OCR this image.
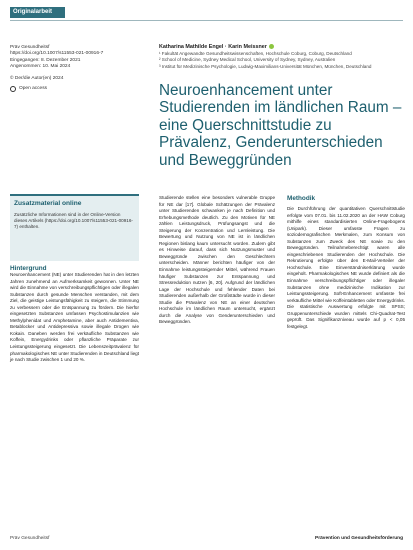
Originalarbeit
Präv Gesundheitsf
https://doi.org/10.1007/s11553-021-00916-7
Eingegangen: 8. Dezember 2021
Angenommen: 10. Mai 2024
© Der/die Autor(en) 2024
Open access
Katharina Mathilde Engel · Karin Meissner
¹ Fakultät Angewandte Gesundheitswissenschaften, Hochschule Coburg, Coburg, Deutschland
² School of Medicine, Sydney Medical School, University of Sydney, Sydney, Australien
³ Institut für Medizinische Psychologie, Ludwig-Maximilians-Universität München, München, Deutschland
Neuroenhancement unter Studierenden im ländlichen Raum – eine Querschnittstudie zu Prävalenz, Genderunterschieden und Beweggründen
Zusatzmaterial online
Zusätzliche Informationen sind in der Online-Version dieses Artikels (https://doi.org/10.1007/s11553-021-00916-7) enthalten.
Hintergrund
Neuroenhancement (NE) unter Studierenden hat in den letzten Jahren zunehmend an Aufmerksamkeit gewonnen. Unter NE wird die Einnahme von verschreibungspflichtigen oder illegalen Substanzen durch gesunde Menschen verstanden, mit dem Ziel, die geistige Leistungsfähigkeit zu steigern, die Stimmung zu verbessern oder die Entspannung zu fördern. Die hierfür eingesetzten Substanzen umfassen Psychostimulanzien wie Methylphenidat und Amphetamine, aber auch Antidementiva, Betablocker und Antidepressiva sowie illegale Drogen wie Kokain. Daneben werden frei verkäufliche Substanzen wie Koffein, Energydrinks oder pflanzliche Präparate zur Leistungssteigerung eingesetzt. Die Lebenszeitprävalenz für pharmakologisches NE unter Studierenden in Deutschland liegt je nach Studie zwischen 1 und 20 %.
Studierende stellen eine besonders vulnerable Gruppe für NE dar [17]. Globale Schätzungen der Prävalenz unter Studierenden schwanken je nach Definition und Erhebungsmethode deutlich. Zu den Motiven für NE zählen Leistungsdruck, Prüfungsangst und die Steigerung der Konzentration und Lernleistung. Die Bewertung und Nutzung von NE ist in ländlichen Regionen bislang kaum untersucht worden. Zudem gibt es Hinweise darauf, dass sich Nutzungsmuster und Beweggründe zwischen den Geschlechtern unterscheiden. Männer berichten häufiger von der Einnahme leistungssteigernder Mittel, während Frauen häufiger Substanzen zur Entspannung und Stressreduktion nutzen [6, 20]. Aufgrund der ländlichen Lage der Hochschule und fehlender Daten bei Studierenden außerhalb der Großstädte wurde in dieser Studie die Prävalenz von NE an einer deutschen Hochschule im ländlichen Raum untersucht, ergänzt durch die Analyse von Genderunterschieden und Beweggründen.
Methodik
Die Durchführung der quantitativen Querschnittstudie erfolgte vom 07.01. bis 11.02.2020 an der HAW Coburg mithilfe eines standardisierten Online-Fragebogens (Unipark). Dieser umfasste Fragen zu soziodemografischen Merkmalen, zum Konsum von Substanzen zum Zweck des NE sowie zu den Beweggründen. Teilnahmeberechtigt waren alle eingeschriebenen Studierenden der Hochschule. Die Rekrutierung erfolgte über den E-Mail-Verteiler der Hochschule. Eine Einverständniserklärung wurde eingeholt. Pharmakologisches NE wurde definiert als die Einnahme verschreibungspflichtiger oder illegaler Substanzen ohne medizinische Indikation zur Leistungssteigerung. Soft-Enhancement umfasste frei verkäufliche Mittel wie Koffeintabletten oder Energydrinks. Die statistische Auswertung erfolgte mit SPSS; Gruppenunterschiede wurden mittels Chi-Quadrat-Test geprüft. Das Signifikanzniveau wurde auf p < 0,05 festgelegt.
Präv Gesundheitsf	Prävention und Gesundheitsförderung
